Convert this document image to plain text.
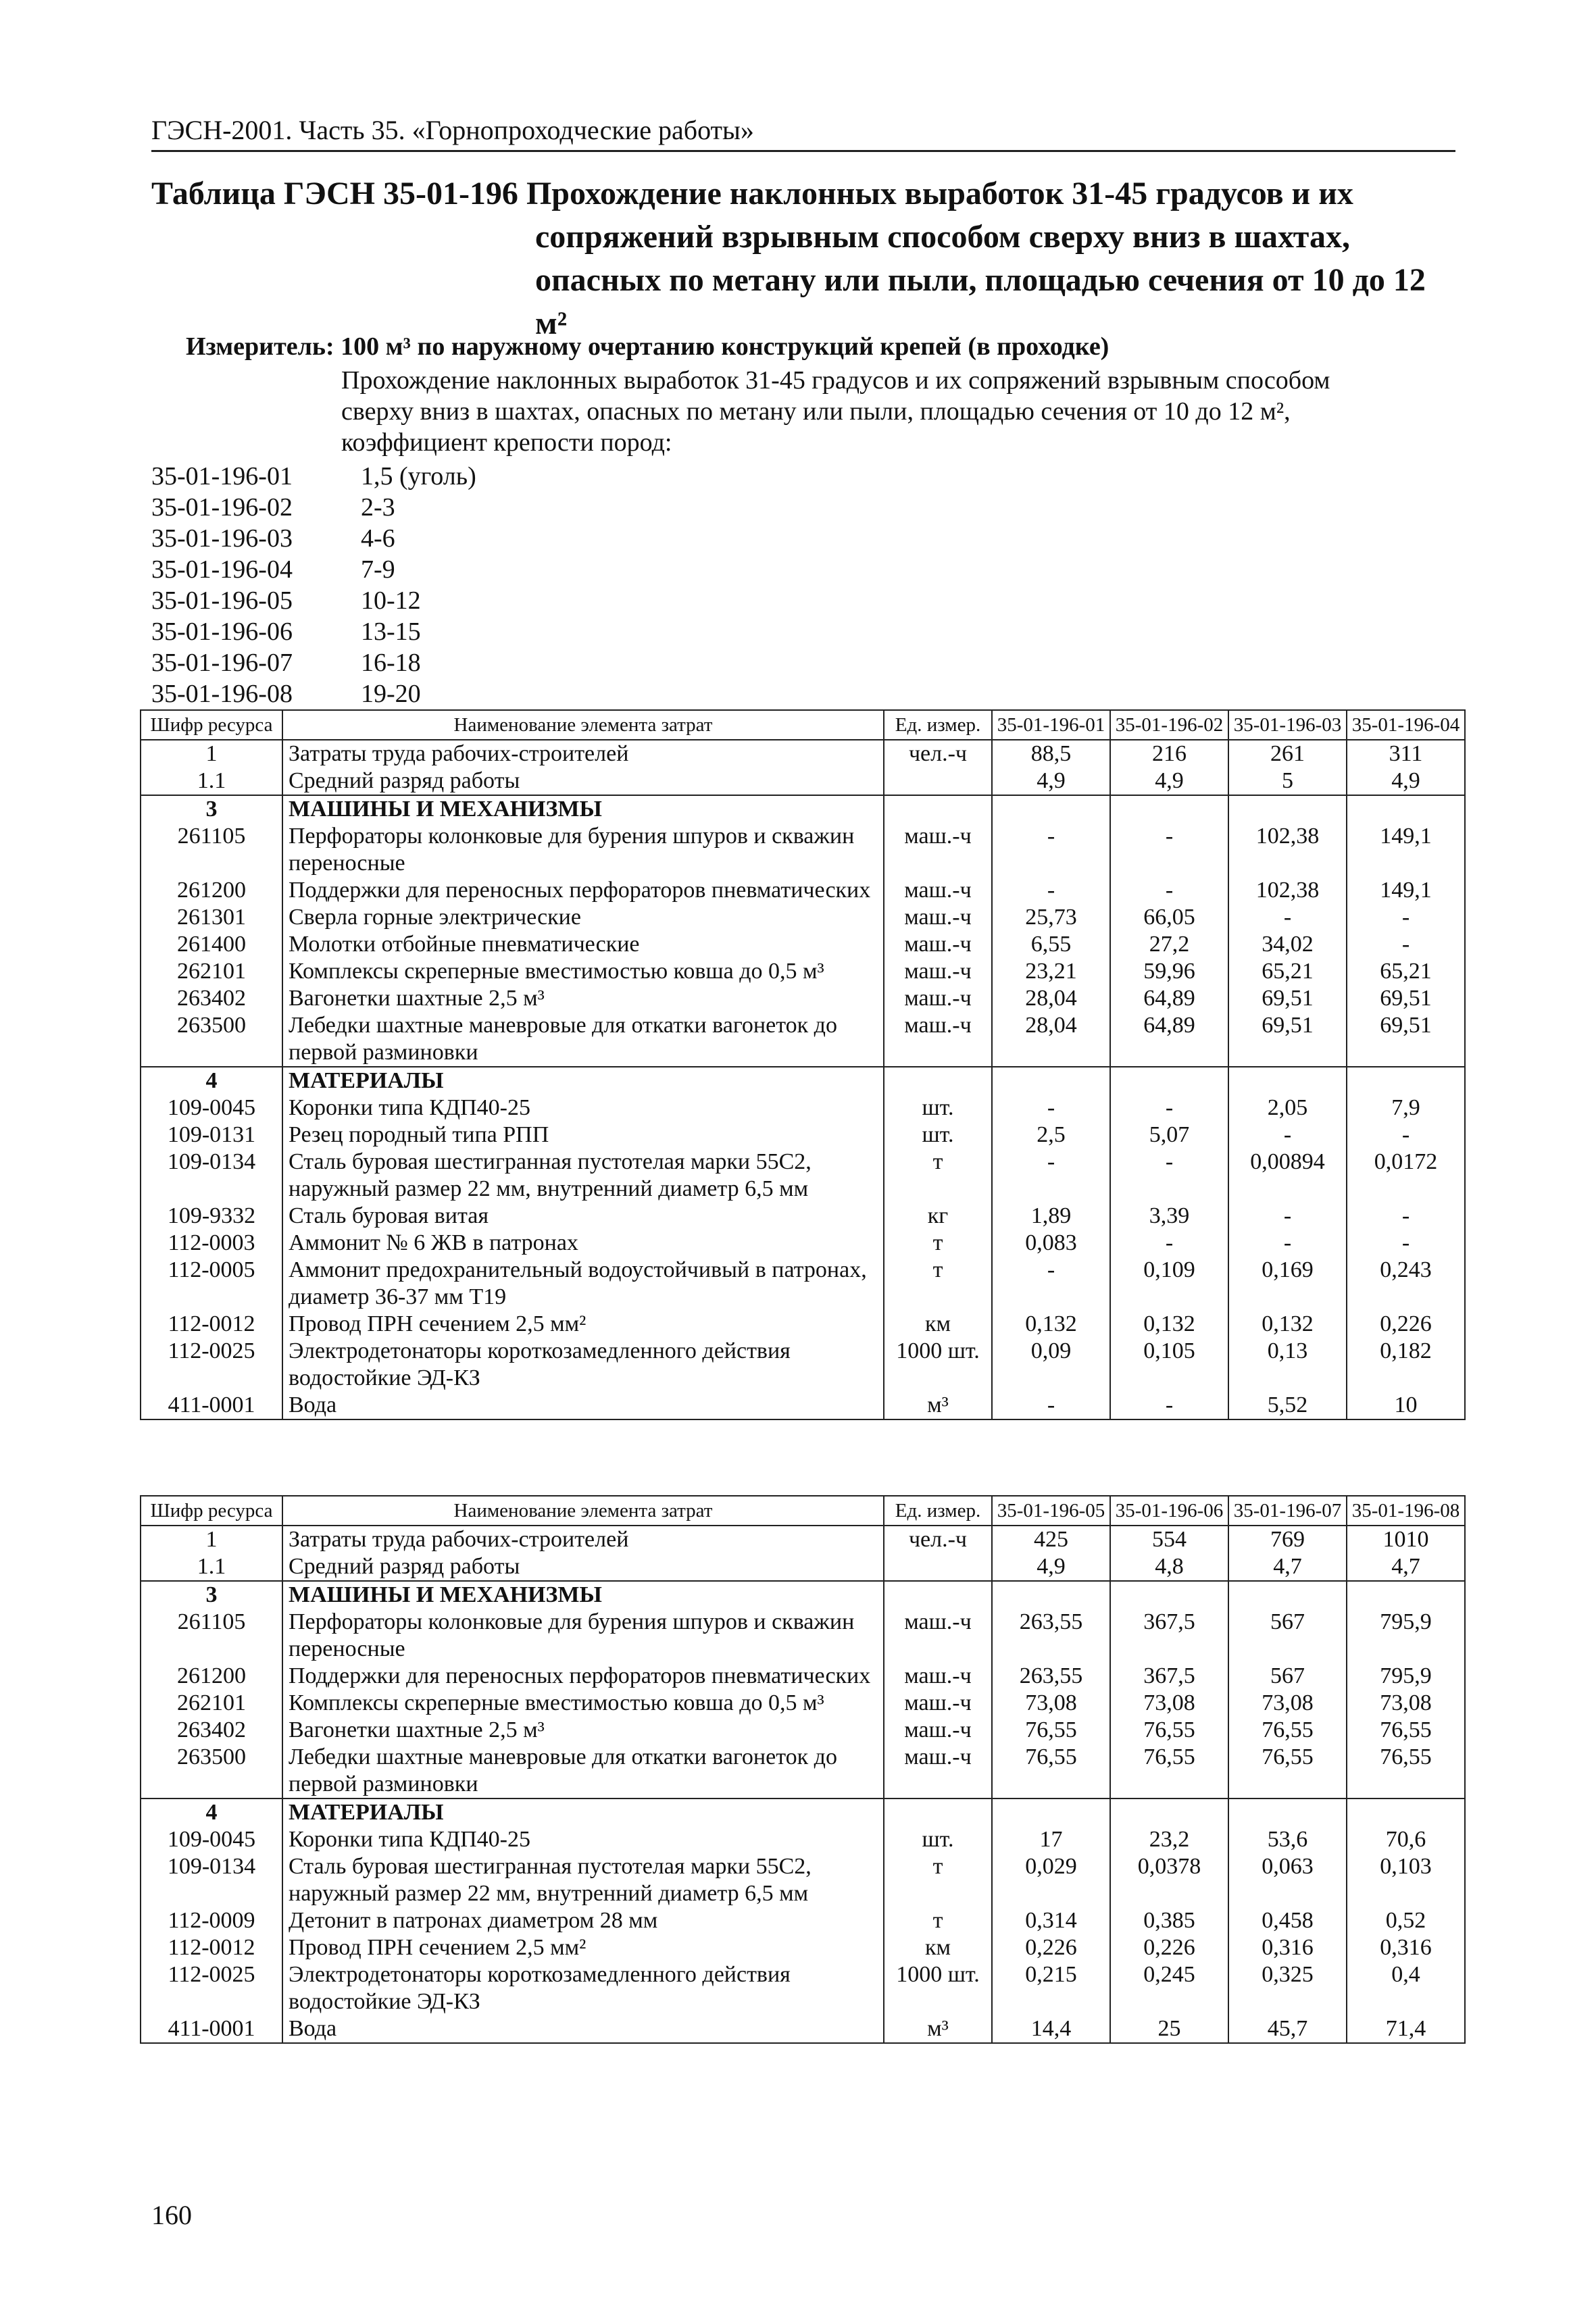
ГЭСН-2001. Часть 35. «Горнопроходческие работы»
Таблица ГЭСН 35-01-196 Прохождение наклонных выработок 31-45 градусов и их
сопряжений взрывным способом сверху вниз в шахтах,
опасных по метану или пыли, площадью сечения от 10 до 12
м²
Измеритель: 100 м³ по наружному очертанию конструкций крепей (в проходке)

Прохождение наклонных выработок 31-45 градусов и их сопряжений взрывным способом

сверху вниз в шахтах, опасных по метану или пыли, площадью сечения от 10 до 12 м²,

коэффициент крепости пород:

35-01-196-01	1,5 (уголь)
35-01-196-02	2-3
35-01-196-03	4-6
35-01-196-04	7-9
35-01-196-05	10-12
35-01-196-06	13-15
35-01-196-07	16-18
35-01-196-08	19-20
Шифр ресурса	Наименование элемента затрат	Ед. измер.	35-01-196-01	35-01-196-02	35-01-196-03	35-01-196-04
1	Затраты труда рабочих-строителей	чел.-ч	88,5	216	261	311
1.1	Средний разряд работы		4,9	4,9	5	4,9
3	МАШИНЫ И МЕХАНИЗМЫ					
261105	Перфораторы колонковые для бурения шпуров и скважин переносные	маш.-ч	-	-	102,38	149,1
261200	Поддержки для переносных перфораторов пневматических	маш.-ч	-	-	102,38	149,1
261301	Сверла горные электрические	маш.-ч	25,73	66,05	-	-
261400	Молотки отбойные пневматические	маш.-ч	6,55	27,2	34,02	-
262101	Комплексы скреперные вместимостью ковша до 0,5 м³	маш.-ч	23,21	59,96	65,21	65,21
263402	Вагонетки шахтные 2,5 м³	маш.-ч	28,04	64,89	69,51	69,51
263500	Лебедки шахтные маневровые для откатки вагонеток до первой разминовки	маш.-ч	28,04	64,89	69,51	69,51
4	МАТЕРИАЛЫ					
109-0045	Коронки типа КДП40-25	шт.	-	-	2,05	7,9
109-0131	Резец породный типа РПП	шт.	2,5	5,07	-	-
109-0134	Сталь буровая шестигранная пустотелая марки 55С2, наружный размер 22 мм, внутренний диаметр 6,5 мм	т	-	-	0,00894	0,0172
109-9332	Сталь буровая витая	кг	1,89	3,39	-	-
112-0003	Аммонит № 6 ЖВ в патронах	т	0,083	-	-	-
112-0005	Аммонит предохранительный водоустойчивый в патронах, диаметр 36-37 мм Т19	т	-	0,109	0,169	0,243
112-0012	Провод ПРН сечением 2,5 мм²	км	0,132	0,132	0,132	0,226
112-0025	Электродетонаторы короткозамедленного действия водостойкие ЭД-КЗ	1000 шт.	0,09	0,105	0,13	0,182
411-0001	Вода	м³	-	-	5,52	10
Шифр ресурса	Наименование элемента затрат	Ед. измер.	35-01-196-05	35-01-196-06	35-01-196-07	35-01-196-08
1	Затраты труда рабочих-строителей	чел.-ч	425	554	769	1010
1.1	Средний разряд работы		4,9	4,8	4,7	4,7
3	МАШИНЫ И МЕХАНИЗМЫ					
261105	Перфораторы колонковые для бурения шпуров и скважин переносные	маш.-ч	263,55	367,5	567	795,9
261200	Поддержки для переносных перфораторов пневматических	маш.-ч	263,55	367,5	567	795,9
262101	Комплексы скреперные вместимостью ковша до 0,5 м³	маш.-ч	73,08	73,08	73,08	73,08
263402	Вагонетки шахтные 2,5 м³	маш.-ч	76,55	76,55	76,55	76,55
263500	Лебедки шахтные маневровые для откатки вагонеток до первой разминовки	маш.-ч	76,55	76,55	76,55	76,55
4	МАТЕРИАЛЫ					
109-0045	Коронки типа КДП40-25	шт.	17	23,2	53,6	70,6
109-0134	Сталь буровая шестигранная пустотелая марки 55С2, наружный размер 22 мм, внутренний диаметр 6,5 мм	т	0,029	0,0378	0,063	0,103
112-0009	Детонит в патронах диаметром 28 мм	т	0,314	0,385	0,458	0,52
112-0012	Провод ПРН сечением 2,5 мм²	км	0,226	0,226	0,316	0,316
112-0025	Электродетонаторы короткозамедленного действия водостойкие ЭД-КЗ	1000 шт.	0,215	0,245	0,325	0,4
411-0001	Вода	м³	14,4	25	45,7	71,4
160
